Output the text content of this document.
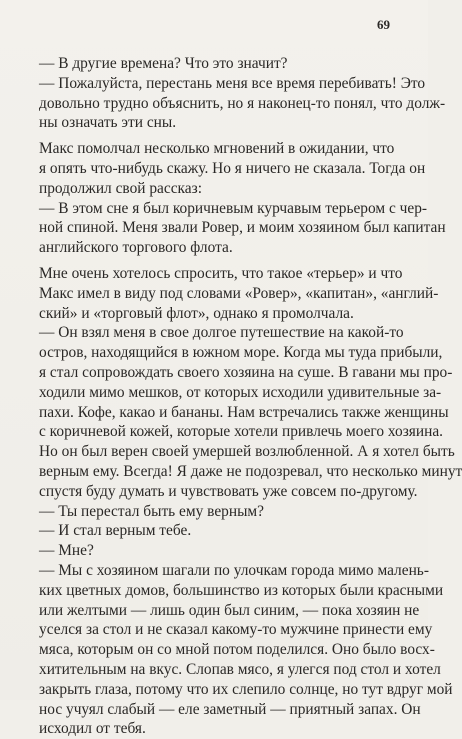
69
— В другие времена? Что это значит?
— Пожалуйста, перестань меня все время перебивать! Это
довольно трудно объяснить, но я наконец-то понял, что долж-
ны означать эти сны.
Макс помолчал несколько мгновений в ожидании, что
я опять что-нибудь скажу. Но я ничего не сказала. Тогда он
продолжил свой рассказ:
— В этом сне я был коричневым курчавым терьером с чер-
ной спиной. Меня звали Ровер, и моим хозяином был капитан
английского торгового флота.
Мне очень хотелось спросить, что такое «терьер» и что
Макс имел в виду под словами «Ровер», «капитан», «англий-
ский» и «торговый флот», однако я промолчала.
— Он взял меня в свое долгое путешествие на какой-то
остров, находящийся в южном море. Когда мы туда прибыли,
я стал сопровождать своего хозяина на суше. В гавани мы про-
ходили мимо мешков, от которых исходили удивительные за-
пахи. Кофе, какао и бананы. Нам встречались также женщины
с коричневой кожей, которые хотели привлечь моего хозяина.
Но он был верен своей умершей возлюбленной. А я хотел быть
верным ему. Всегда! Я даже не подозревал, что несколько минут
спустя буду думать и чувствовать уже совсем по-другому.
— Ты перестал быть ему верным?
— И стал верным тебе.
— Мне?
— Мы с хозяином шагали по улочкам города мимо малень-
ких цветных домов, большинство из которых были красными
или желтыми — лишь один был синим, — пока хозяин не
уселся за стол и не сказал какому-то мужчине принести ему
мяса, которым он со мной потом поделился. Оно было восх-
хитительным на вкус. Слопав мясо, я улегся под стол и хотел
закрыть глаза, потому что их слепило солнце, но тут вдруг мой
нос учуял слабый — еле заметный — приятный запах. Он
исходил от тебя.
